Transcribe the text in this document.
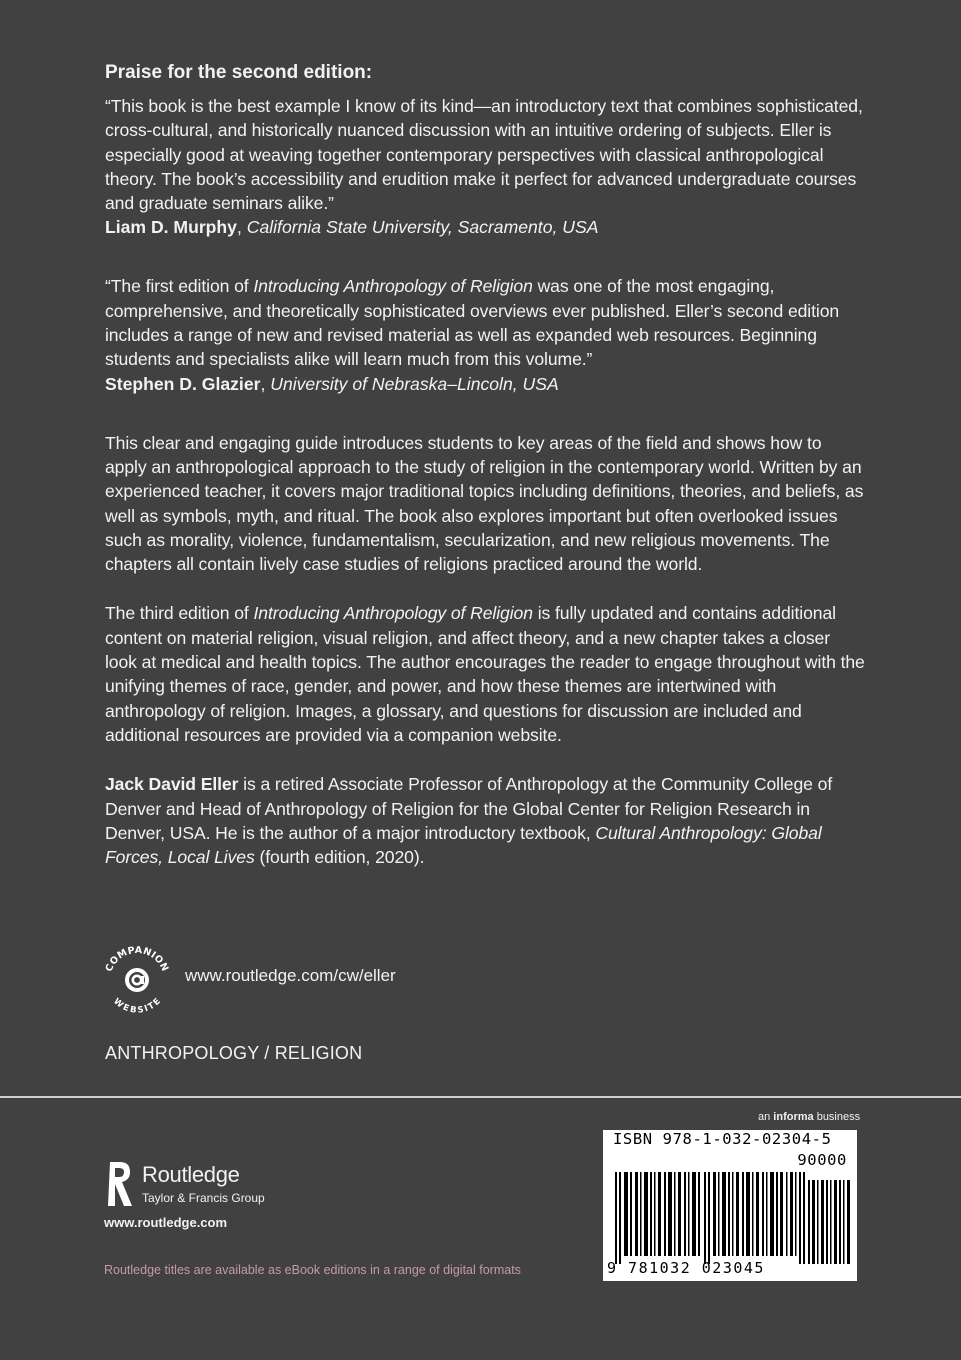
Praise for the second edition:

“This book is the best example I know of its kind—an introductory text that combines sophisticated, cross-cultural, and historically nuanced discussion with an intuitive ordering of subjects. Eller is especially good at weaving together contemporary perspectives with classical anthropological theory. The book’s accessibility and erudition make it perfect for advanced undergraduate courses and graduate seminars alike.”

Liam D. Murphy, California State University, Sacramento, USA

“The first edition of Introducing Anthropology of Religion was one of the most engaging, comprehensive, and theoretically sophisticated overviews ever published. Eller’s second edition includes a range of new and revised material as well as expanded web resources. Beginning students and specialists alike will learn much from this volume.”

Stephen D. Glazier, University of Nebraska–Lincoln, USA

This clear and engaging guide introduces students to key areas of the field and shows how to apply an anthropological approach to the study of religion in the contemporary world. Written by an experienced teacher, it covers major traditional topics including definitions, theories, and beliefs, as well as symbols, myth, and ritual. The book also explores important but often overlooked issues such as morality, violence, fundamentalism, secularization, and new religious movements. The chapters all contain lively case studies of religions practiced around the world.

The third edition of Introducing Anthropology of Religion is fully updated and contains additional content on material religion, visual religion, and affect theory, and a new chapter takes a closer look at medical and health topics. The author encourages the reader to engage throughout with the unifying themes of race, gender, and power, and how these themes are intertwined with anthropology of religion. Images, a glossary, and questions for discussion are included and additional resources are provided via a companion website.

Jack David Eller is a retired Associate Professor of Anthropology at the Community College of Denver and Head of Anthropology of Religion for the Global Center for Religion Research in Denver, USA. He is the author of a major introductory textbook, Cultural Anthropology: Global Forces, Local Lives (fourth edition, 2020).

COMPANION
WEBSITE
www.routledge.com/cw/eller
ANTHROPOLOGY / RELIGION
an informa business
ISBN 978-1-032-02304-5
90000
9 781032 023045
ROUTLEDGE Routledge
Taylor & Francis Group
www.routledge.com
Routledge titles are available as eBook editions in a range of digital formats
